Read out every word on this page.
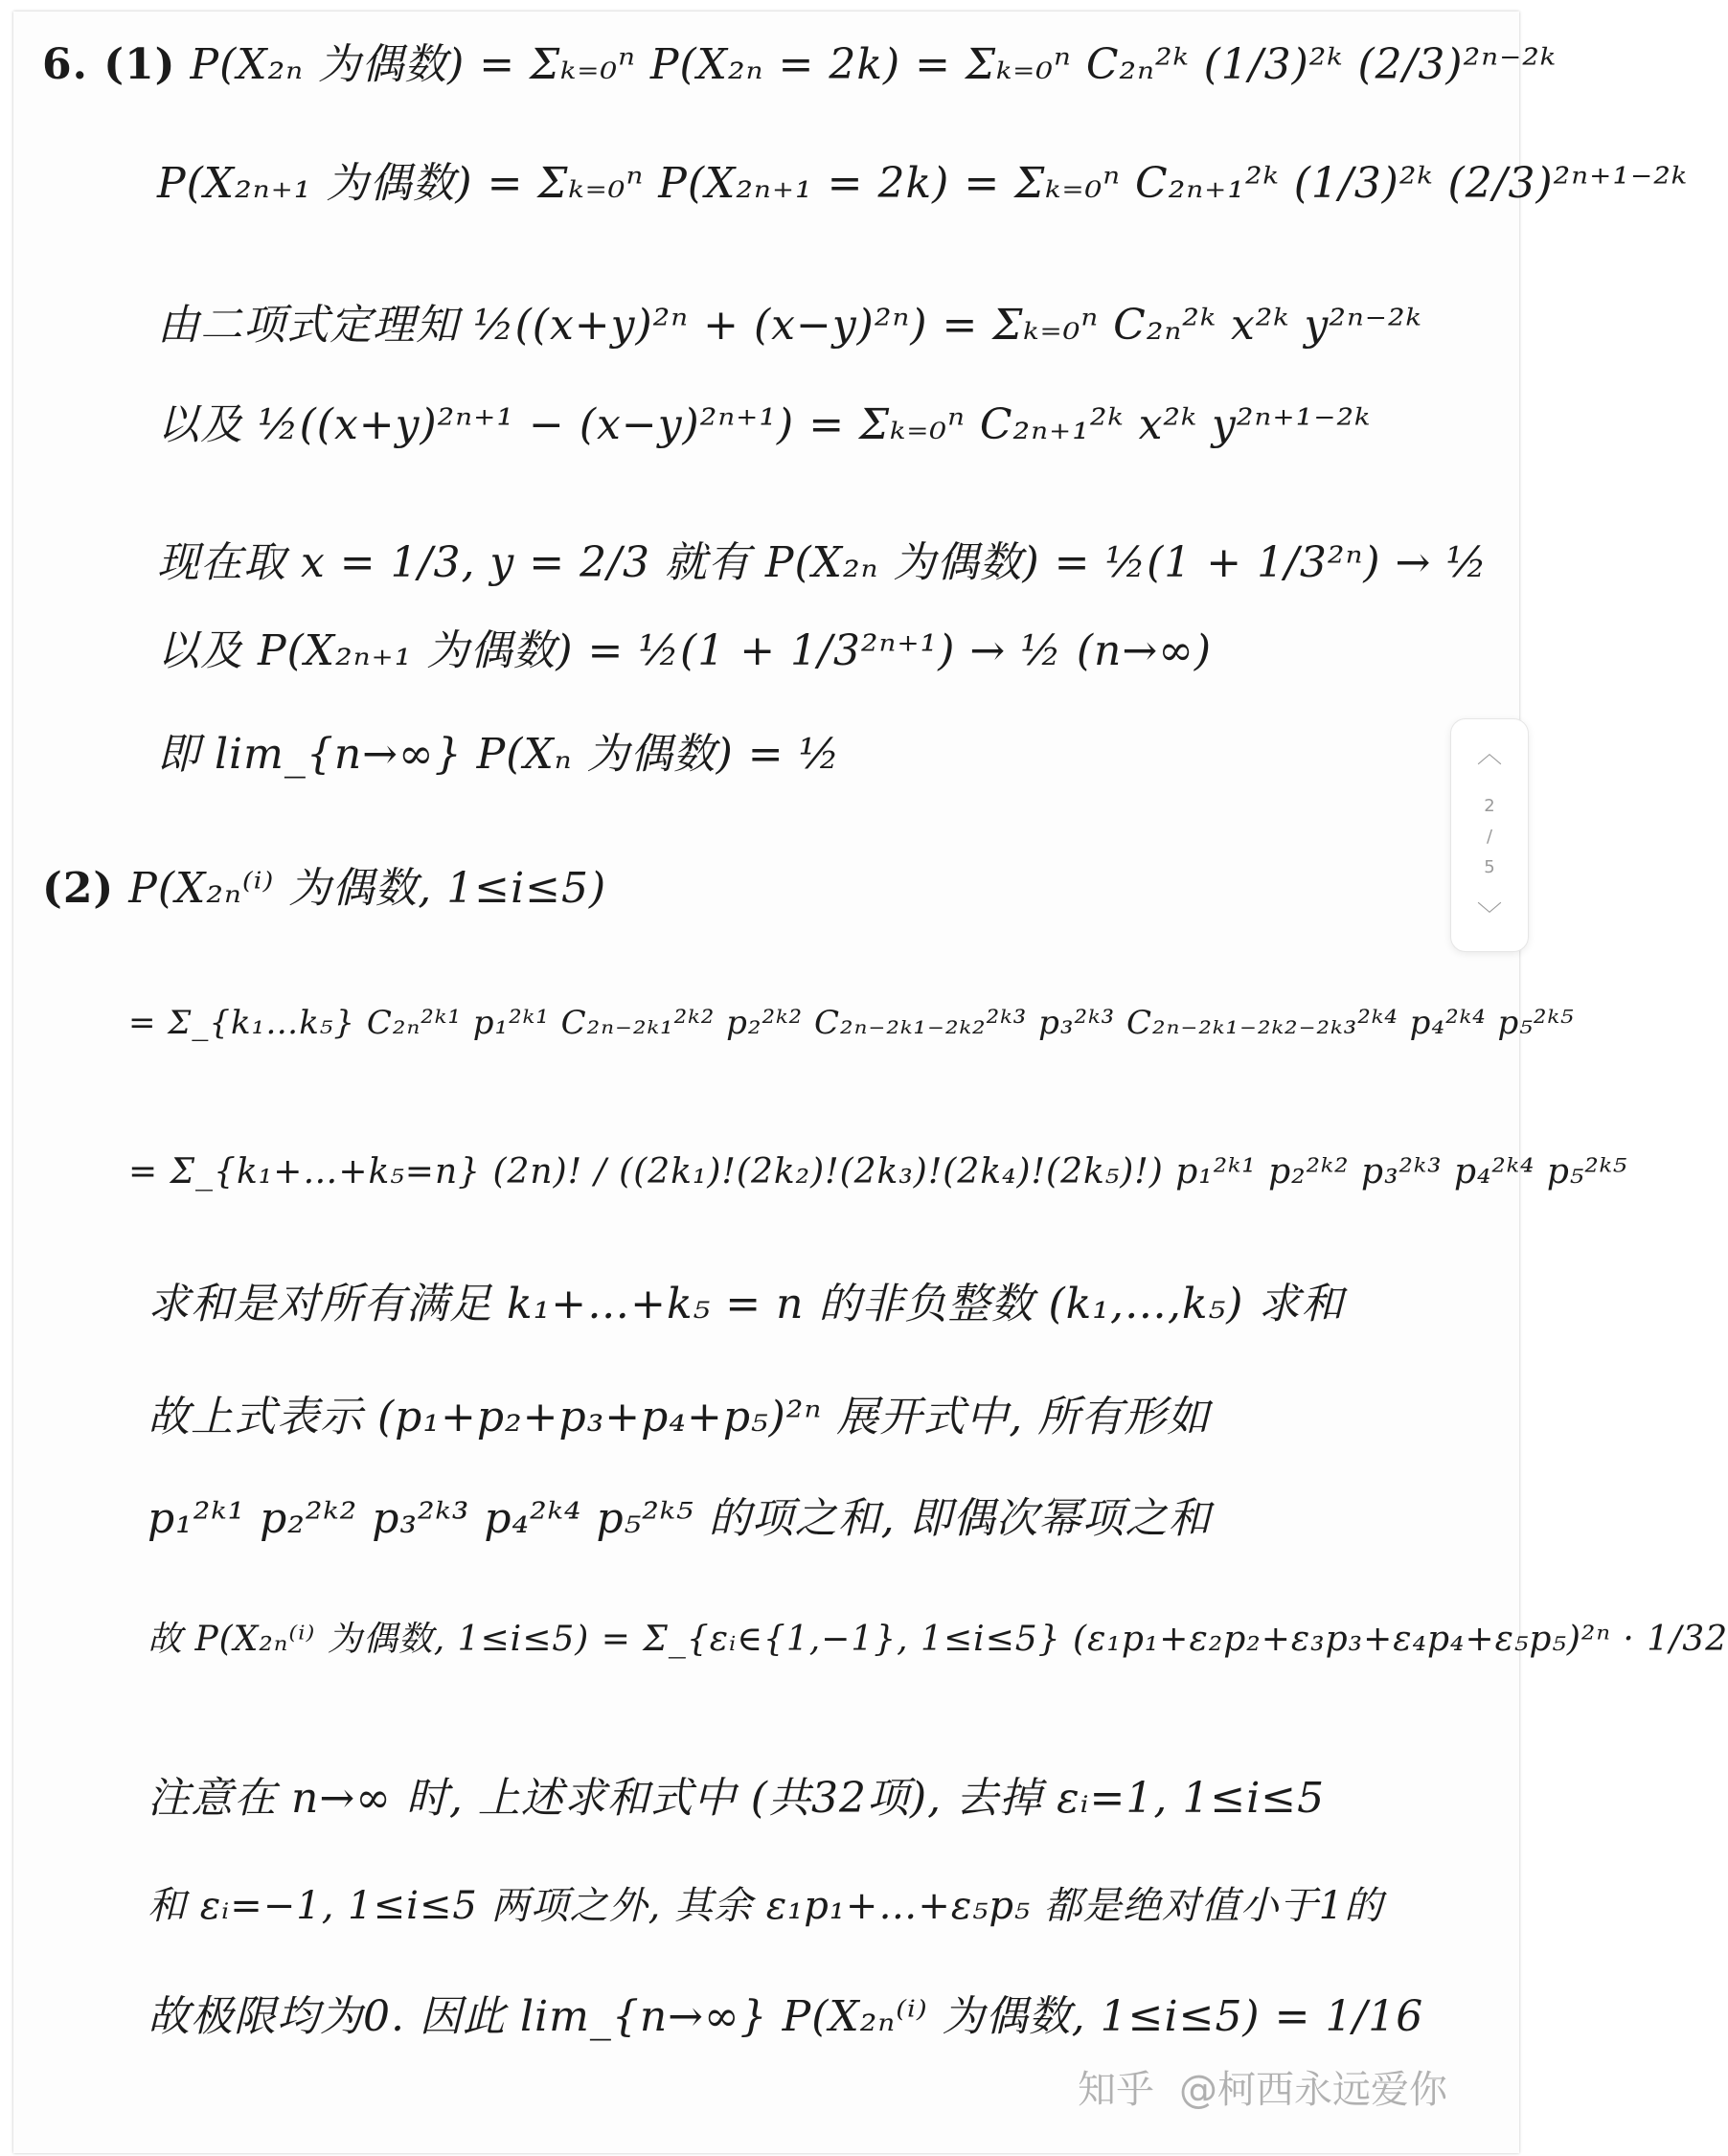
6. (1) P(X₂ₙ 为偶数) = Σₖ₌₀ⁿ P(X₂ₙ = 2k) = Σₖ₌₀ⁿ C₂ₙ²ᵏ (1/3)²ᵏ (2/3)²ⁿ⁻²ᵏ
P(X₂ₙ₊₁ 为偶数) = Σₖ₌₀ⁿ P(X₂ₙ₊₁ = 2k) = Σₖ₌₀ⁿ C₂ₙ₊₁²ᵏ (1/3)²ᵏ (2/3)²ⁿ⁺¹⁻²ᵏ
由二项式定理知 ½((x+y)²ⁿ + (x−y)²ⁿ) = Σₖ₌₀ⁿ C₂ₙ²ᵏ x²ᵏ y²ⁿ⁻²ᵏ
以及 ½((x+y)²ⁿ⁺¹ − (x−y)²ⁿ⁺¹) = Σₖ₌₀ⁿ C₂ₙ₊₁²ᵏ x²ᵏ y²ⁿ⁺¹⁻²ᵏ
现在取 x = 1/3, y = 2/3 就有 P(X₂ₙ 为偶数) = ½(1 + 1/3²ⁿ) → ½
以及 P(X₂ₙ₊₁ 为偶数) = ½(1 + 1/3²ⁿ⁺¹) → ½ (n→∞)
即 lim_{n→∞} P(Xₙ 为偶数) = ½
(2) P(X₂ₙ⁽ⁱ⁾ 为偶数, 1≤i≤5)
= Σ_{k₁…k₅} C₂ₙ²ᵏ¹ p₁²ᵏ¹ C₂ₙ₋₂ₖ₁²ᵏ² p₂²ᵏ² C₂ₙ₋₂ₖ₁₋₂ₖ₂²ᵏ³ p₃²ᵏ³ C₂ₙ₋₂ₖ₁₋₂ₖ₂₋₂ₖ₃²ᵏ⁴ p₄²ᵏ⁴ p₅²ᵏ⁵
= Σ_{k₁+…+k₅=n} (2n)! / ((2k₁)!(2k₂)!(2k₃)!(2k₄)!(2k₅)!) p₁²ᵏ¹ p₂²ᵏ² p₃²ᵏ³ p₄²ᵏ⁴ p₅²ᵏ⁵
求和是对所有满足 k₁+…+k₅ = n 的非负整数 (k₁,…,k₅) 求和
故上式表示 (p₁+p₂+p₃+p₄+p₅)²ⁿ 展开式中, 所有形如
p₁²ᵏ¹ p₂²ᵏ² p₃²ᵏ³ p₄²ᵏ⁴ p₅²ᵏ⁵ 的项之和, 即偶次幂项之和
故 P(X₂ₙ⁽ⁱ⁾ 为偶数, 1≤i≤5) = Σ_{εᵢ∈{1,−1}, 1≤i≤5} (ε₁p₁+ε₂p₂+ε₃p₃+ε₄p₄+ε₅p₅)²ⁿ · 1/32
注意在 n→∞ 时, 上述求和式中 (共32项), 去掉 εᵢ=1, 1≤i≤5
和 εᵢ=−1, 1≤i≤5 两项之外, 其余 ε₁p₁+…+ε₅p₅ 都是绝对值小于1的
故极限均为0. 因此 lim_{n→∞} P(X₂ₙ⁽ⁱ⁾ 为偶数, 1≤i≤5) = 1/16
︿
2
/
5
﹀
知乎 @柯西永远爱你
